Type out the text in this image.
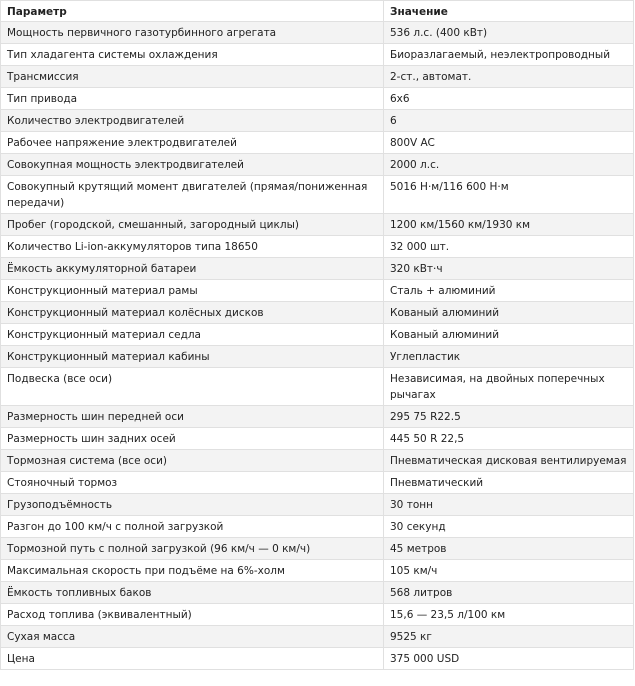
Параметр	Значение
Мощность первичного газотурбинного агрегата	536 л.с. (400 кВт)
Тип хладагента системы охлаждения	Биоразлагаемый, неэлектропроводный
Трансмиссия	2-ст., автомат.
Тип привода	6х6
Количество электродвигателей	6
Рабочее напряжение электродвигателей	800V AC
Совокупная мощность электродвигателей	2000 л.с.
Совокупный крутящий момент двигателей (прямая/пониженная передачи)	5016 Н·м/116 600 Н·м
Пробег (городской, смешанный, загородный циклы)	1200 км/1560 км/1930 км
Количество Li-ion-аккумуляторов типа 18650	32 000 шт.
Ёмкость аккумуляторной батареи	320 кВт·ч
Конструкционный материал рамы	Сталь + алюминий
Конструкционный материал колёсных дисков	Кованый алюминий
Конструкционный материал седла	Кованый алюминий
Конструкционный материал кабины	Углепластик
Подвеска (все оси)	Независимая, на двойных поперечных рычагах
Размерность шин передней оси	295 75 R22.5
Размерность шин задних осей	445 50 R 22,5
Тормозная система (все оси)	Пневматическая дисковая вентилируемая
Стояночный тормоз	Пневматический
Грузоподъёмность	30 тонн
Разгон до 100 км/ч с полной загрузкой	30 секунд
Тормозной путь с полной загрузкой (96 км/ч — 0 км/ч)	45 метров
Максимальная скорость при подъёме на 6%-холм	105 км/ч
Ёмкость топливных баков	568 литров
Расход топлива (эквивалентный)	15,6 — 23,5 л/100 км
Сухая масса	9525 кг
Цена	375 000 USD
